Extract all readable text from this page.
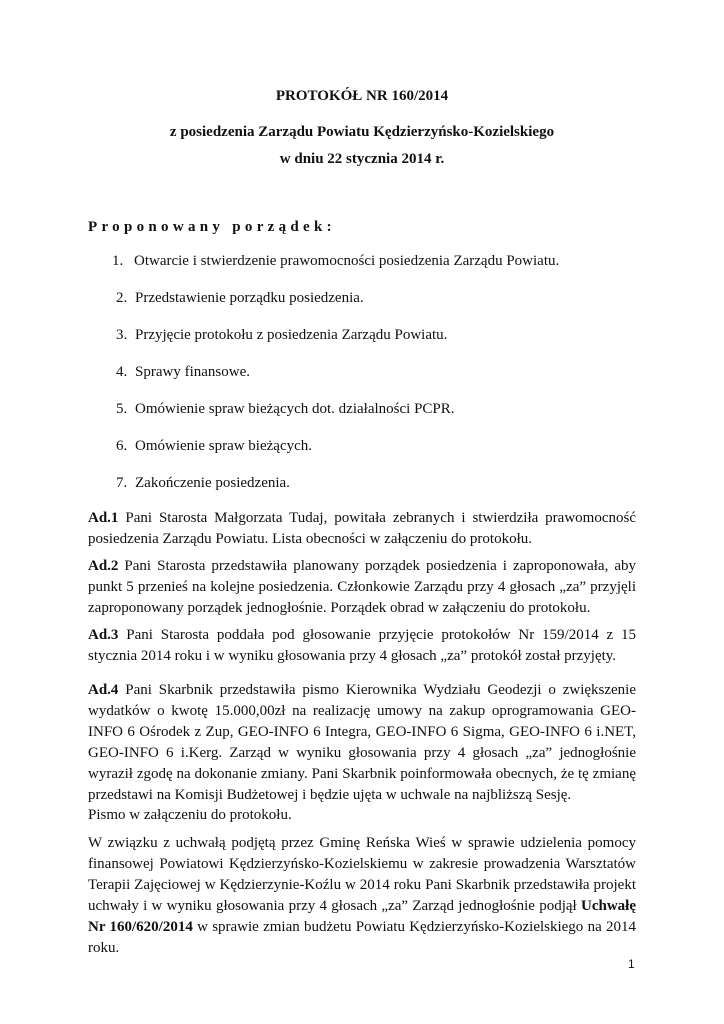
PROTOKÓŁ NR 160/2014
z posiedzenia Zarządu Powiatu Kędzierzyńsko-Kozielskiego
w dniu 22 stycznia 2014 r.
Proponowany porządek:
1. Otwarcie i stwierdzenie prawomocności posiedzenia Zarządu Powiatu.
2. Przedstawienie porządku posiedzenia.
3. Przyjęcie protokołu z posiedzenia Zarządu Powiatu.
4. Sprawy finansowe.
5. Omówienie spraw bieżących dot. działalności PCPR.
6. Omówienie spraw bieżących.
7. Zakończenie posiedzenia.
Ad.1 Pani Starosta Małgorzata Tudaj, powitała zebranych i stwierdziła prawomocność posiedzenia Zarządu Powiatu. Lista obecności w załączeniu do protokołu.
Ad.2 Pani Starosta przedstawiła planowany porządek posiedzenia i zaproponowała, aby punkt 5 przenieś na kolejne posiedzenia. Członkowie Zarządu przy 4 głosach „za” przyjęli zaproponowany porządek jednogłośnie. Porządek obrad w załączeniu do protokołu.
Ad.3 Pani Starosta poddała pod głosowanie przyjęcie protokołów Nr 159/2014 z 15 stycznia 2014 roku i w wyniku głosowania przy 4 głosach „za” protokół został przyjęty.
Ad.4 Pani Skarbnik przedstawiła pismo Kierownika Wydziału Geodezji o zwiększenie wydatków o kwotę 15.000,00zł na realizację umowy na zakup oprogramowania GEO-INFO 6 Ośrodek z Zup, GEO-INFO 6 Integra, GEO-INFO 6 Sigma, GEO-INFO 6 i.NET, GEO-INFO 6 i.Kerg. Zarząd w wyniku głosowania przy 4 głosach „za” jednogłośnie wyraził zgodę na dokonanie zmiany. Pani Skarbnik poinformowała obecnych, że tę zmianę przedstawi na Komisji Budżetowej i będzie ujęta w uchwale na najbliższą Sesję.
Pismo w załączeniu do protokołu.
W związku z uchwałą podjętą przez Gminę Reńska Wieś w sprawie udzielenia pomocy finansowej Powiatowi Kędzierzyńsko-Kozielskiemu w zakresie prowadzenia Warsztatów Terapii Zajęciowej w Kędzierzynie-Koźlu w 2014 roku Pani Skarbnik przedstawiła projekt uchwały i w wyniku głosowania przy 4 głosach „za” Zarząd jednogłośnie podjął Uchwałę Nr 160/620/2014 w sprawie zmian budżetu Powiatu Kędzierzyńsko-Kozielskiego na 2014 roku.
1
